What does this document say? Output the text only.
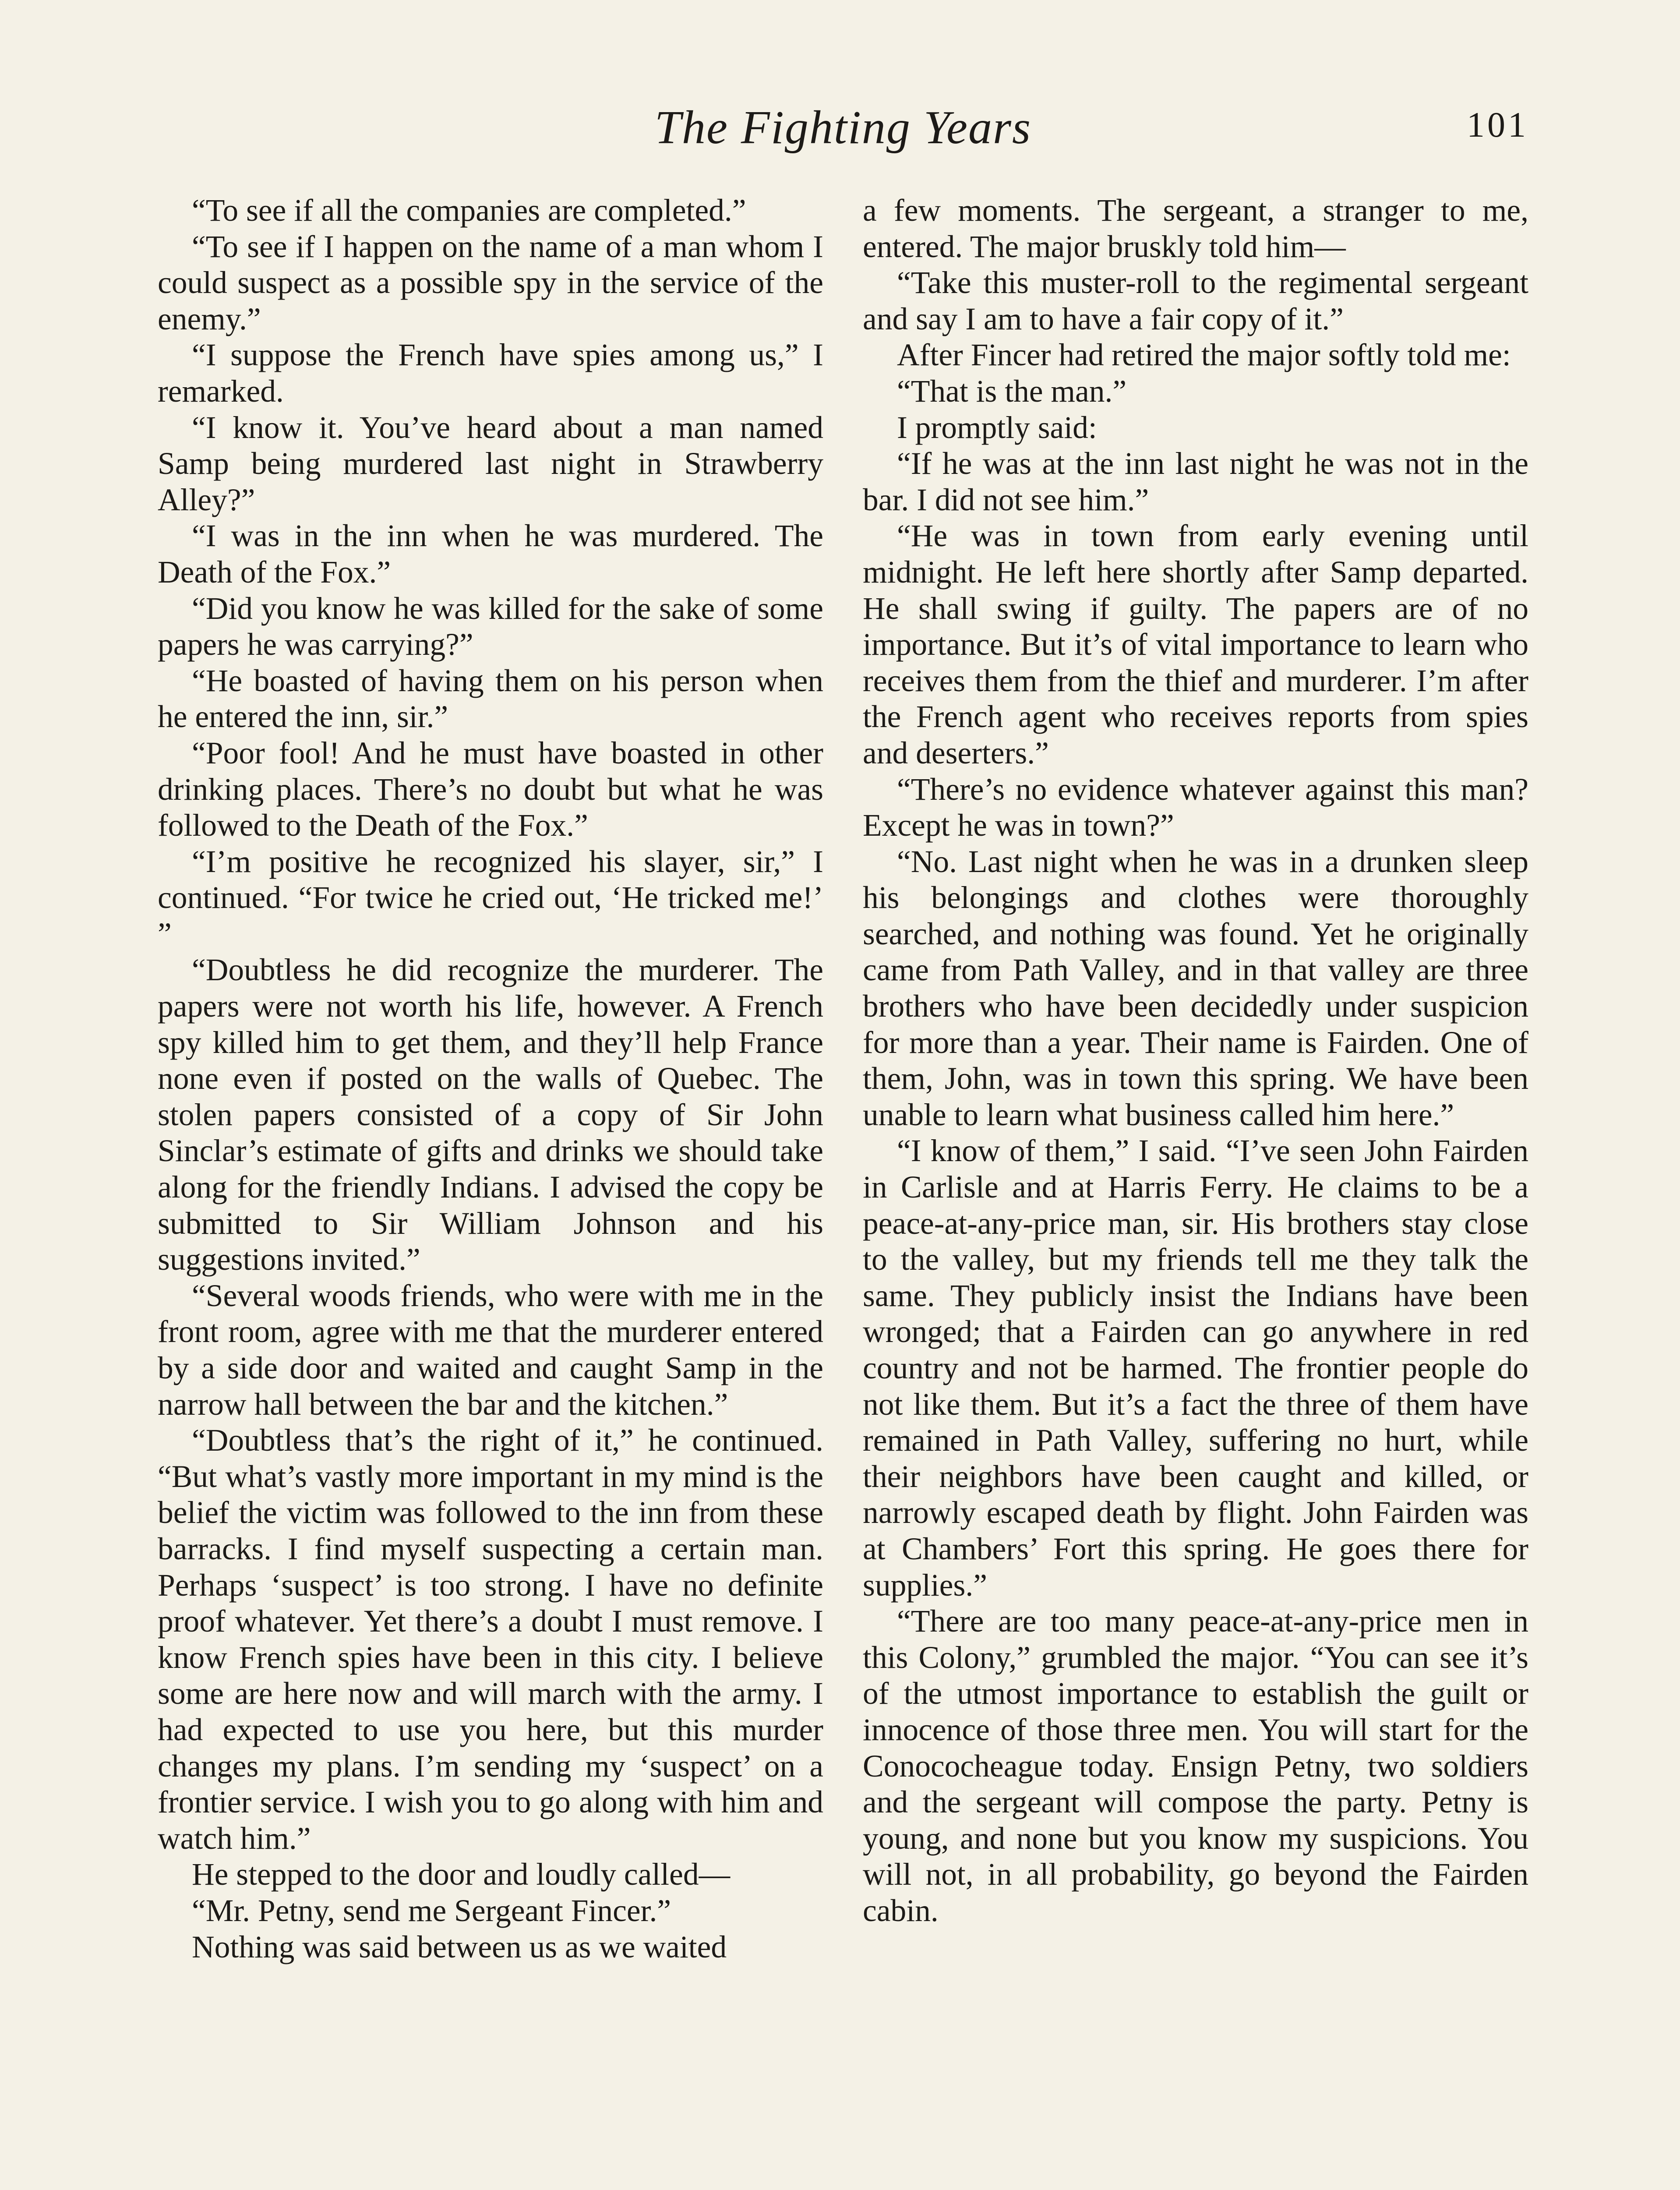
The Fighting Years	101

“To see if all the companies are completed.”

“To see if I happen on the name of a man whom I could suspect as a possible spy in the service of the enemy.”

“I suppose the French have spies among us,” I remarked.

“I know it. You’ve heard about a man named Samp being murdered last night in Strawberry Alley?”

“I was in the inn when he was murdered. The Death of the Fox.”

“Did you know he was killed for the sake of some papers he was carrying?”

“He boasted of having them on his person when he entered the inn, sir.”

“Poor fool! And he must have boasted in other drinking places. There’s no doubt but what he was followed to the Death of the Fox.”

“I’m positive he recognized his slayer, sir,” I continued. “For twice he cried out, ‘He tricked me!’ ”

“Doubtless he did recognize the murderer. The papers were not worth his life, however. A French spy killed him to get them, and they’ll help France none even if posted on the walls of Quebec. The stolen papers consisted of a copy of Sir John Sinclar’s estimate of gifts and drinks we should take along for the friendly Indians. I advised the copy be submitted to Sir William Johnson and his suggestions invited.”

“Several woods friends, who were with me in the front room, agree with me that the murderer entered by a side door and waited and caught Samp in the narrow hall between the bar and the kitchen.”

“Doubtless that’s the right of it,” he continued. “But what’s vastly more important in my mind is the belief the victim was followed to the inn from these barracks. I find myself suspecting a certain man. Perhaps ‘suspect’ is too strong. I have no definite proof whatever. Yet there’s a doubt I must remove. I know French spies have been in this city. I believe some are here now and will march with the army. I had expected to use you here, but this murder changes my plans. I’m sending my ‘suspect’ on a frontier service. I wish you to go along with him and watch him.”

He stepped to the door and loudly called—

“Mr. Petny, send me Sergeant Fincer.”

Nothing was said between us as we waited

a few moments. The sergeant, a stranger to me, entered. The major bruskly told him—

“Take this muster-roll to the regimental sergeant and say I am to have a fair copy of it.”

After Fincer had retired the major softly told me:

“That is the man.”

I promptly said:

“If he was at the inn last night he was not in the bar. I did not see him.”

“He was in town from early evening until midnight. He left here shortly after Samp departed. He shall swing if guilty. The papers are of no importance. But it’s of vital importance to learn who receives them from the thief and murderer. I’m after the French agent who receives reports from spies and deserters.”

“There’s no evidence whatever against this man? Except he was in town?”

“No. Last night when he was in a drunken sleep his belongings and clothes were thoroughly searched, and nothing was found. Yet he originally came from Path Valley, and in that valley are three brothers who have been decidedly under suspicion for more than a year. Their name is Fairden. One of them, John, was in town this spring. We have been unable to learn what business called him here.”

“I know of them,” I said. “I’ve seen John Fairden in Carlisle and at Harris Ferry. He claims to be a peace-at-any-price man, sir. His brothers stay close to the valley, but my friends tell me they talk the same. They publicly insist the Indians have been wronged; that a Fairden can go anywhere in red country and not be harmed. The frontier people do not like them. But it’s a fact the three of them have remained in Path Valley, suffering no hurt, while their neighbors have been caught and killed, or narrowly escaped death by flight. John Fairden was at Chambers’ Fort this spring. He goes there for supplies.”

“There are too many peace-at-any-price men in this Colony,” grumbled the major. “You can see it’s of the utmost importance to establish the guilt or innocence of those three men. You will start for the Conococheague today. Ensign Petny, two soldiers and the sergeant will compose the party. Petny is young, and none but you know my suspicions. You will not, in all probability, go beyond the Fairden cabin.
